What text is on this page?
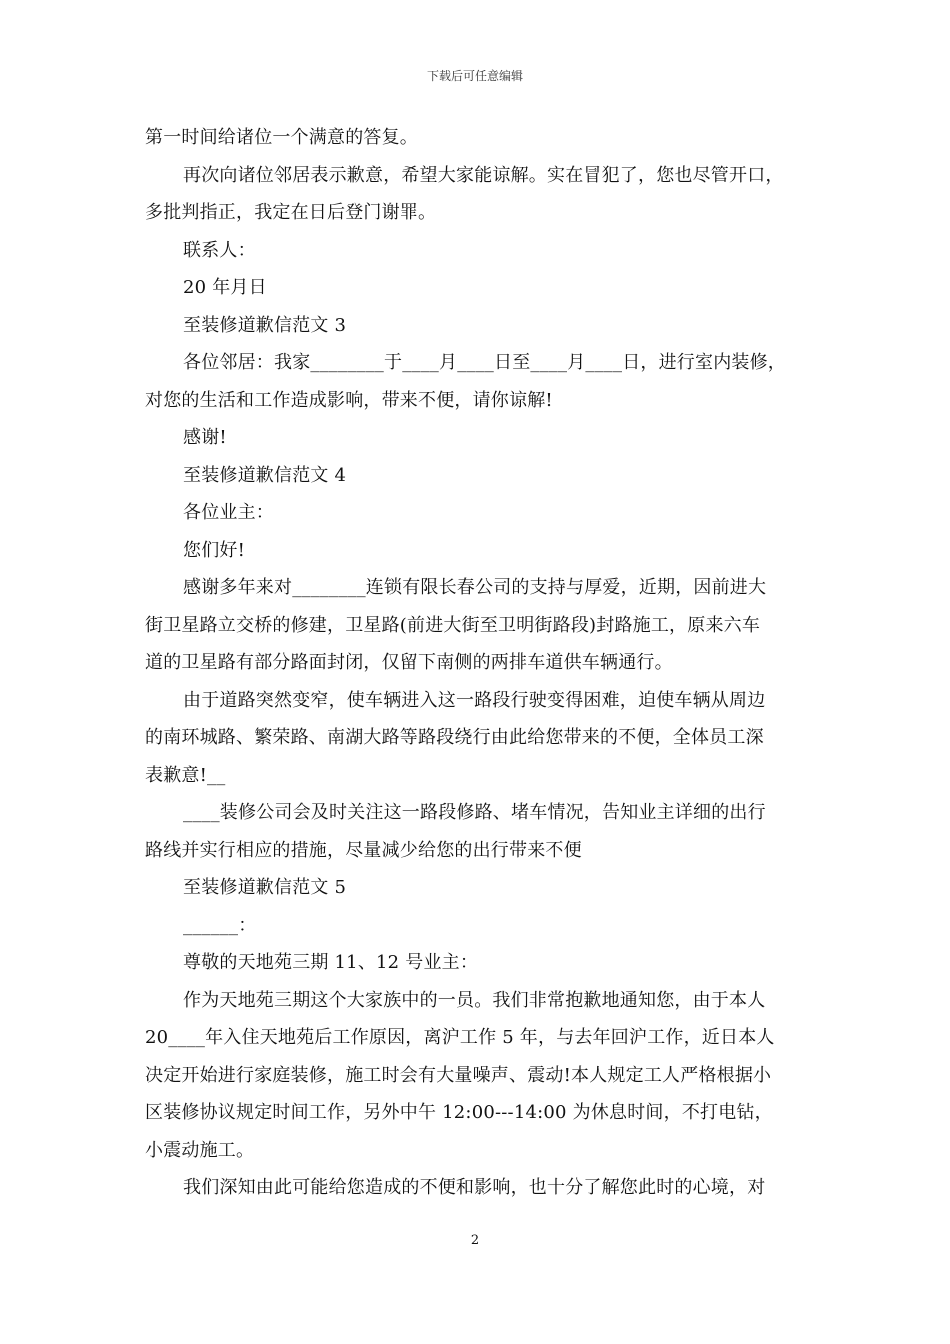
下载后可任意编辑
第一时间给诸位一个满意的答复。
再次向诸位邻居表示歉意，希望大家能谅解。实在冒犯了，您也尽管开口，
多批判指正，我定在日后登门谢罪。
联系人：
20 年月日
至装修道歉信范文 3
各位邻居：我家________于____月____日至____月____日，进行室内装修，
对您的生活和工作造成影响，带来不便，请你谅解!
感谢!
至装修道歉信范文 4
各位业主：
您们好!
感谢多年来对________连锁有限长春公司的支持与厚爱，近期，因前进大
街卫星路立交桥的修建，卫星路(前进大街至卫明街路段)封路施工，原来六车
道的卫星路有部分路面封闭，仅留下南侧的两排车道供车辆通行。
由于道路突然变窄，使车辆进入这一路段行驶变得困难，迫使车辆从周边
的南环城路、繁荣路、南湖大路等路段绕行由此给您带来的不便，全体员工深
表歉意!__
____装修公司会及时关注这一路段修路、堵车情况，告知业主详细的出行
路线并实行相应的措施，尽量减少给您的出行带来不便
至装修道歉信范文 5
______：
尊敬的天地苑三期 11、12 号业主：
作为天地苑三期这个大家族中的一员。我们非常抱歉地通知您，由于本人
20____年入住天地苑后工作原因，离沪工作 5 年，与去年回沪工作，近日本人
决定开始进行家庭装修，施工时会有大量噪声、震动!本人规定工人严格根据小
区装修协议规定时间工作，另外中午 12:00---14:00 为休息时间，不打电钻，
小震动施工。
我们深知由此可能给您造成的不便和影响，也十分了解您此时的心境，对
2
